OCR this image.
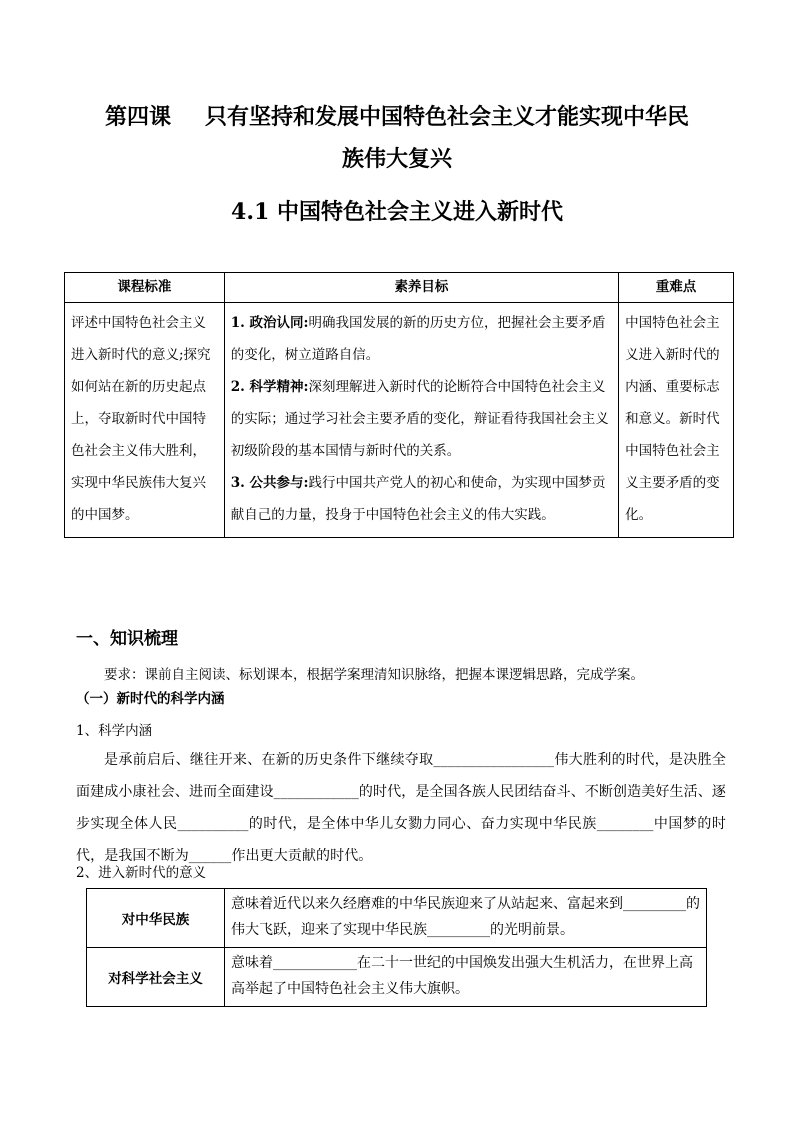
第四课 只有坚持和发展中国特色社会主义才能实现中华民
族伟大复兴
4.1 中国特色社会主义进入新时代
课程标准	素养目标	重难点
评述中国特色社会主义进入新时代的意义;探究如何站在新的历史起点上，夺取新时代中国特色社会主义伟大胜利，实现中华民族伟大复兴的中国梦。	1. 政治认同:明确我国发展的新的历史方位，把握社会主要矛盾的变化，树立道路自信。
2. 科学精神:深刻理解进入新时代的论断符合中国特色社会主义的实际；通过学习社会主要矛盾的变化，辩证看待我国社会主义初级阶段的基本国情与新时代的关系。
3. 公共参与:践行中国共产党人的初心和使命，为实现中国梦贡献自己的力量，投身于中国特色社会主义的伟大实践。	中国特色社会主义进入新时代的内涵、重要标志和意义。新时代中国特色社会主义主要矛盾的变化。
一、知识梳理
要求：课前自主阅读、标划课本，根据学案理清知识脉络，把握本课逻辑思路，完成学案。
（一）新时代的科学内涵
1、科学内涵
是承前启后、继往开来、在新的历史条件下继续夺取_________________伟大胜利的时代，是决胜全面建成小康社会、进而全面建设____________的时代，是全国各族人民团结奋斗、不断创造美好生活、逐步实现全体人民__________的时代，是全体中华儿女勠力同心、奋力实现中华民族________中国梦的时代，是我国不断为______作出更大贡献的时代。
2、进入新时代的意义
对中华民族	意味着近代以来久经磨难的中华民族迎来了从站起来、富起来到_________的伟大飞跃，迎来了实现中华民族_________的光明前景。
对科学社会主义	意味着____________在二十一世纪的中国焕发出强大生机活力，在世界上高高举起了中国特色社会主义伟大旗帜。
